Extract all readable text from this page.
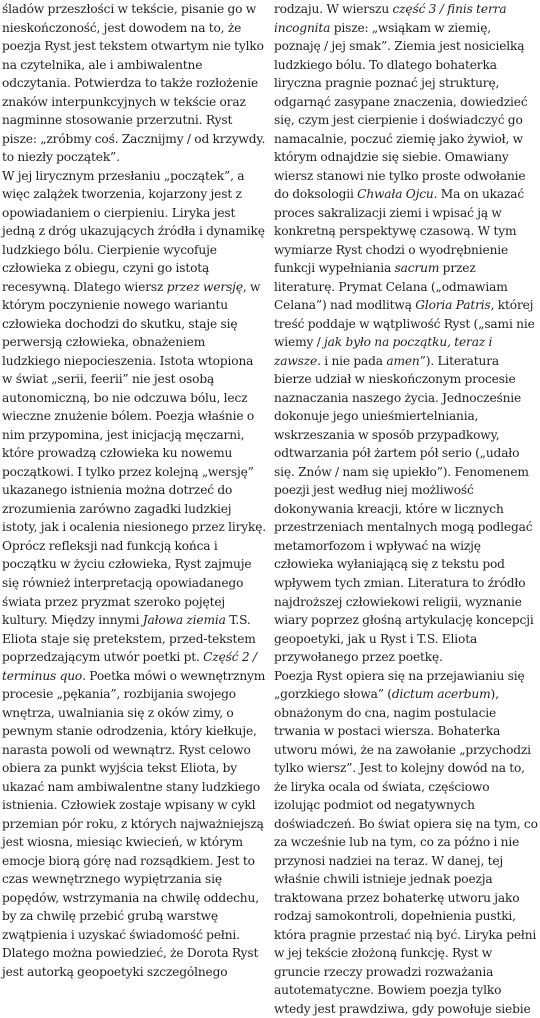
śladów przeszłości w tekście, pisanie go w nieskończoność, jest dowodem na to, że poezja Ryst jest tekstem otwartym nie tylko na czytelnika, ale i ambiwalentne odczytania. Potwierdza to także rozłożenie znaków interpunkcyjnych w tekście oraz nagminne stosowanie przerzutni. Ryst pisze: „zróbmy coś. Zacznijmy / od krzywdy. to niezły początek”.

W jej lirycznym przesłaniu „początek”, a więc zalążek tworzenia, kojarzony jest z opowiadaniem o cierpieniu. Liryka jest jedną z dróg ukazujących źródła i dynamikę ludzkiego bólu. Cierpienie wycofuje człowieka z obiegu, czyni go istotą recesywną. Dlatego wiersz przez wersję, w którym poczynienie nowego wariantu człowieka dochodzi do skutku, staje się perwersją człowieka, obnażeniem ludzkiego niepocieszenia. Istota wtopiona w świat „serii, feerii” nie jest osobą autonomiczną, bo nie odczuwa bólu, lecz wieczne znużenie bólem. Poezja właśnie o nim przypomina, jest inicjacją męczarni, które prowadzą człowieka ku nowemu początkowi. I tylko przez kolejną „wersję” ukazanego istnienia można dotrzeć do zrozumienia zarówno zagadki ludzkiej istoty, jak i ocalenia niesionego przez lirykę.

Oprócz refleksji nad funkcją końca i początku w życiu człowieka, Ryst zajmuje się również interpretacją opowiadanego świata przez pryzmat szeroko pojętej kultury. Między innymi Jałowa ziemia T.S. Eliota staje się pretekstem, przed-tekstem poprzedzającym utwór poetki pt. Część 2 / terminus quo. Poetka mówi o wewnętrznym procesie „pękania”, rozbijania swojego wnętrza, uwalniania się z oków zimy, o pewnym stanie odrodzenia, który kiełkuje, narasta powoli od wewnątrz. Ryst celowo obiera za punkt wyjścia tekst Eliota, by ukazać nam ambiwalentne stany ludzkiego istnienia. Człowiek zostaje wpisany w cykl przemian pór roku, z których najważniejszą jest wiosna, miesiąc kwiecień, w którym emocje biorą górę nad rozsądkiem. Jest to czas wewnętrznego wypiętrzania się popędów, wstrzymania na chwilę oddechu, by za chwilę przebić grubą warstwę zwątpienia i uzyskać świadomość pełni. Dlatego można powiedzieć, że Dorota Ryst jest autorką geopoetyki szczególnego

rodzaju. W wierszu część 3 / finis terra incognita pisze: „wsiąkam w ziemię, poznaję / jej smak”. Ziemia jest nosicielką ludzkiego bólu. To dlatego bohaterka liryczna pragnie poznać jej strukturę, odgarnąć zasypane znaczenia, dowiedzieć się, czym jest cierpienie i doświadczyć go namacalnie, poczuć ziemię jako żywioł, w którym odnajdzie się siebie. Omawiany wiersz stanowi nie tylko proste odwołanie do doksologii Chwała Ojcu. Ma on ukazać proces sakralizacji ziemi i wpisać ją w konkretną perspektywę czasową. W tym wymiarze Ryst chodzi o wyodrębnienie funkcji wypełniania sacrum przez literaturę. Prymat Celana („odmawiam Celana”) nad modlitwą Gloria Patris, której treść poddaje w wątpliwość Ryst („sami nie wiemy / jak było na początku, teraz i zawsze. i nie pada amen”). Literatura bierze udział w nieskończonym procesie naznaczania naszego życia. Jednocześnie dokonuje jego unieśmiertelniania, wskrzeszania w sposób przypadkowy, odtwarzania pół żartem pół serio („udało się. Znów / nam się upiekło”). Fenomenem poezji jest według niej możliwość dokonywania kreacji, które w licznych przestrzeniach mentalnych mogą podlegać metamorfozom i wpływać na wizję człowieka wyłaniającą się z tekstu pod wpływem tych zmian. Literatura to źródło najdroższej człowiekowi religii, wyznanie wiary poprzez głośną artykulację koncepcji geopoetyki, jak u Ryst i T.S. Eliota przywołanego przez poetkę.

Poezja Ryst opiera się na przejawianiu się „gorzkiego słowa” (dictum acerbum), obnażonym do cna, nagim postulacie trwania w postaci wiersza. Bohaterka utworu mówi, że na zawołanie „przychodzi tylko wiersz”. Jest to kolejny dowód na to, że liryka ocala od świata, częściowo izolując podmiot od negatywnych doświadczeń. Bo świat opiera się na tym, co za wcześnie lub na tym, co za późno i nie przynosi nadziei na teraz. W danej, tej właśnie chwili istnieje jednak poezja traktowana przez bohaterkę utworu jako rodzaj samokontroli, dopełnienia pustki, która pragnie przestać nią być. Liryka pełni w jej tekście złożoną funkcję. Ryst w gruncie rzeczy prowadzi rozważania autotematyczne. Bowiem poezja tylko wtedy jest prawdziwa, gdy powołuje siebie
